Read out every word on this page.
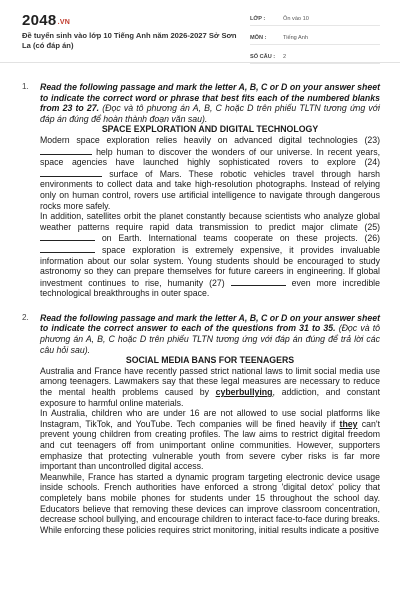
2048.VN
Đề tuyển sinh vào lớp 10 Tiếng Anh năm 2026-2027 Sở Sơn La (có đáp án)
LỚP :	Ôn vào 10
MÔN :	Tiếng Anh
SỐ CÂU :	2
1. Read the following passage and mark the letter A, B, C or D on your answer sheet to indicate the correct word or phrase that best fits each of the numbered blanks from 23 to 27. (Đọc và tô phương án A, B, C hoặc D trên phiếu TLTN tương ứng với đáp án đúng để hoàn thành đoạn văn sau).
SPACE EXPLORATION AND DIGITAL TECHNOLOGY
Modern space exploration relies heavily on advanced digital technologies (23)  help human to discover the wonders of our universe. In recent years, space agencies have launched highly sophisticated rovers to explore (24)  surface of Mars. These robotic vehicles travel through harsh environments to collect data and take high-resolution photographs. Instead of relying only on human control, rovers use artificial intelligence to navigate through dangerous rocks more safely.
In addition, satellites orbit the planet constantly because scientists who analyze global weather patterns require rapid data transmission to predict major climate (25)  on Earth. International teams cooperate on these projects. (26)  space exploration is extremely expensive, it provides invaluable information about our solar system. Young students should be encouraged to study astronomy so they can prepare themselves for future careers in engineering. If global investment continues to rise, humanity (27)	even more incredible technological breakthroughs in outer space.
2. Read the following passage and mark the letter A, B, C or D on your answer sheet to indicate the correct answer to each of the questions from 31 to 35. (Đọc và tô phương án A, B, C hoặc D trên phiếu TLTN tương ứng với đáp án đúng để trả lời các câu hỏi sau).
SOCIAL MEDIA BANS FOR TEENAGERS
Australia and France have recently passed strict national laws to limit social media use among teenagers. Lawmakers say that these legal measures are necessary to reduce the mental health problems caused by cyberbullying, addiction, and constant exposure to harmful online materials.
In Australia, children who are under 16 are not allowed to use social platforms like Instagram, TikTok, and YouTube. Tech companies will be fined heavily if they can't prevent young children from creating profiles. The law aims to restrict digital freedom and cut teenagers off from unimportant online communities. However, supporters emphasize that protecting vulnerable youth from severe cyber risks is far more important than uncontrolled digital access.
Meanwhile, France has started a dynamic program targeting electronic device usage inside schools. French authorities have enforced a strong 'digital detox' policy that completely bans mobile phones for students under 15 throughout the school day. Educators believe that removing these devices can improve classroom concentration, decrease school bullying, and encourage children to interact face-to-face during breaks. While enforcing these policies requires strict monitoring, initial results indicate a positive
